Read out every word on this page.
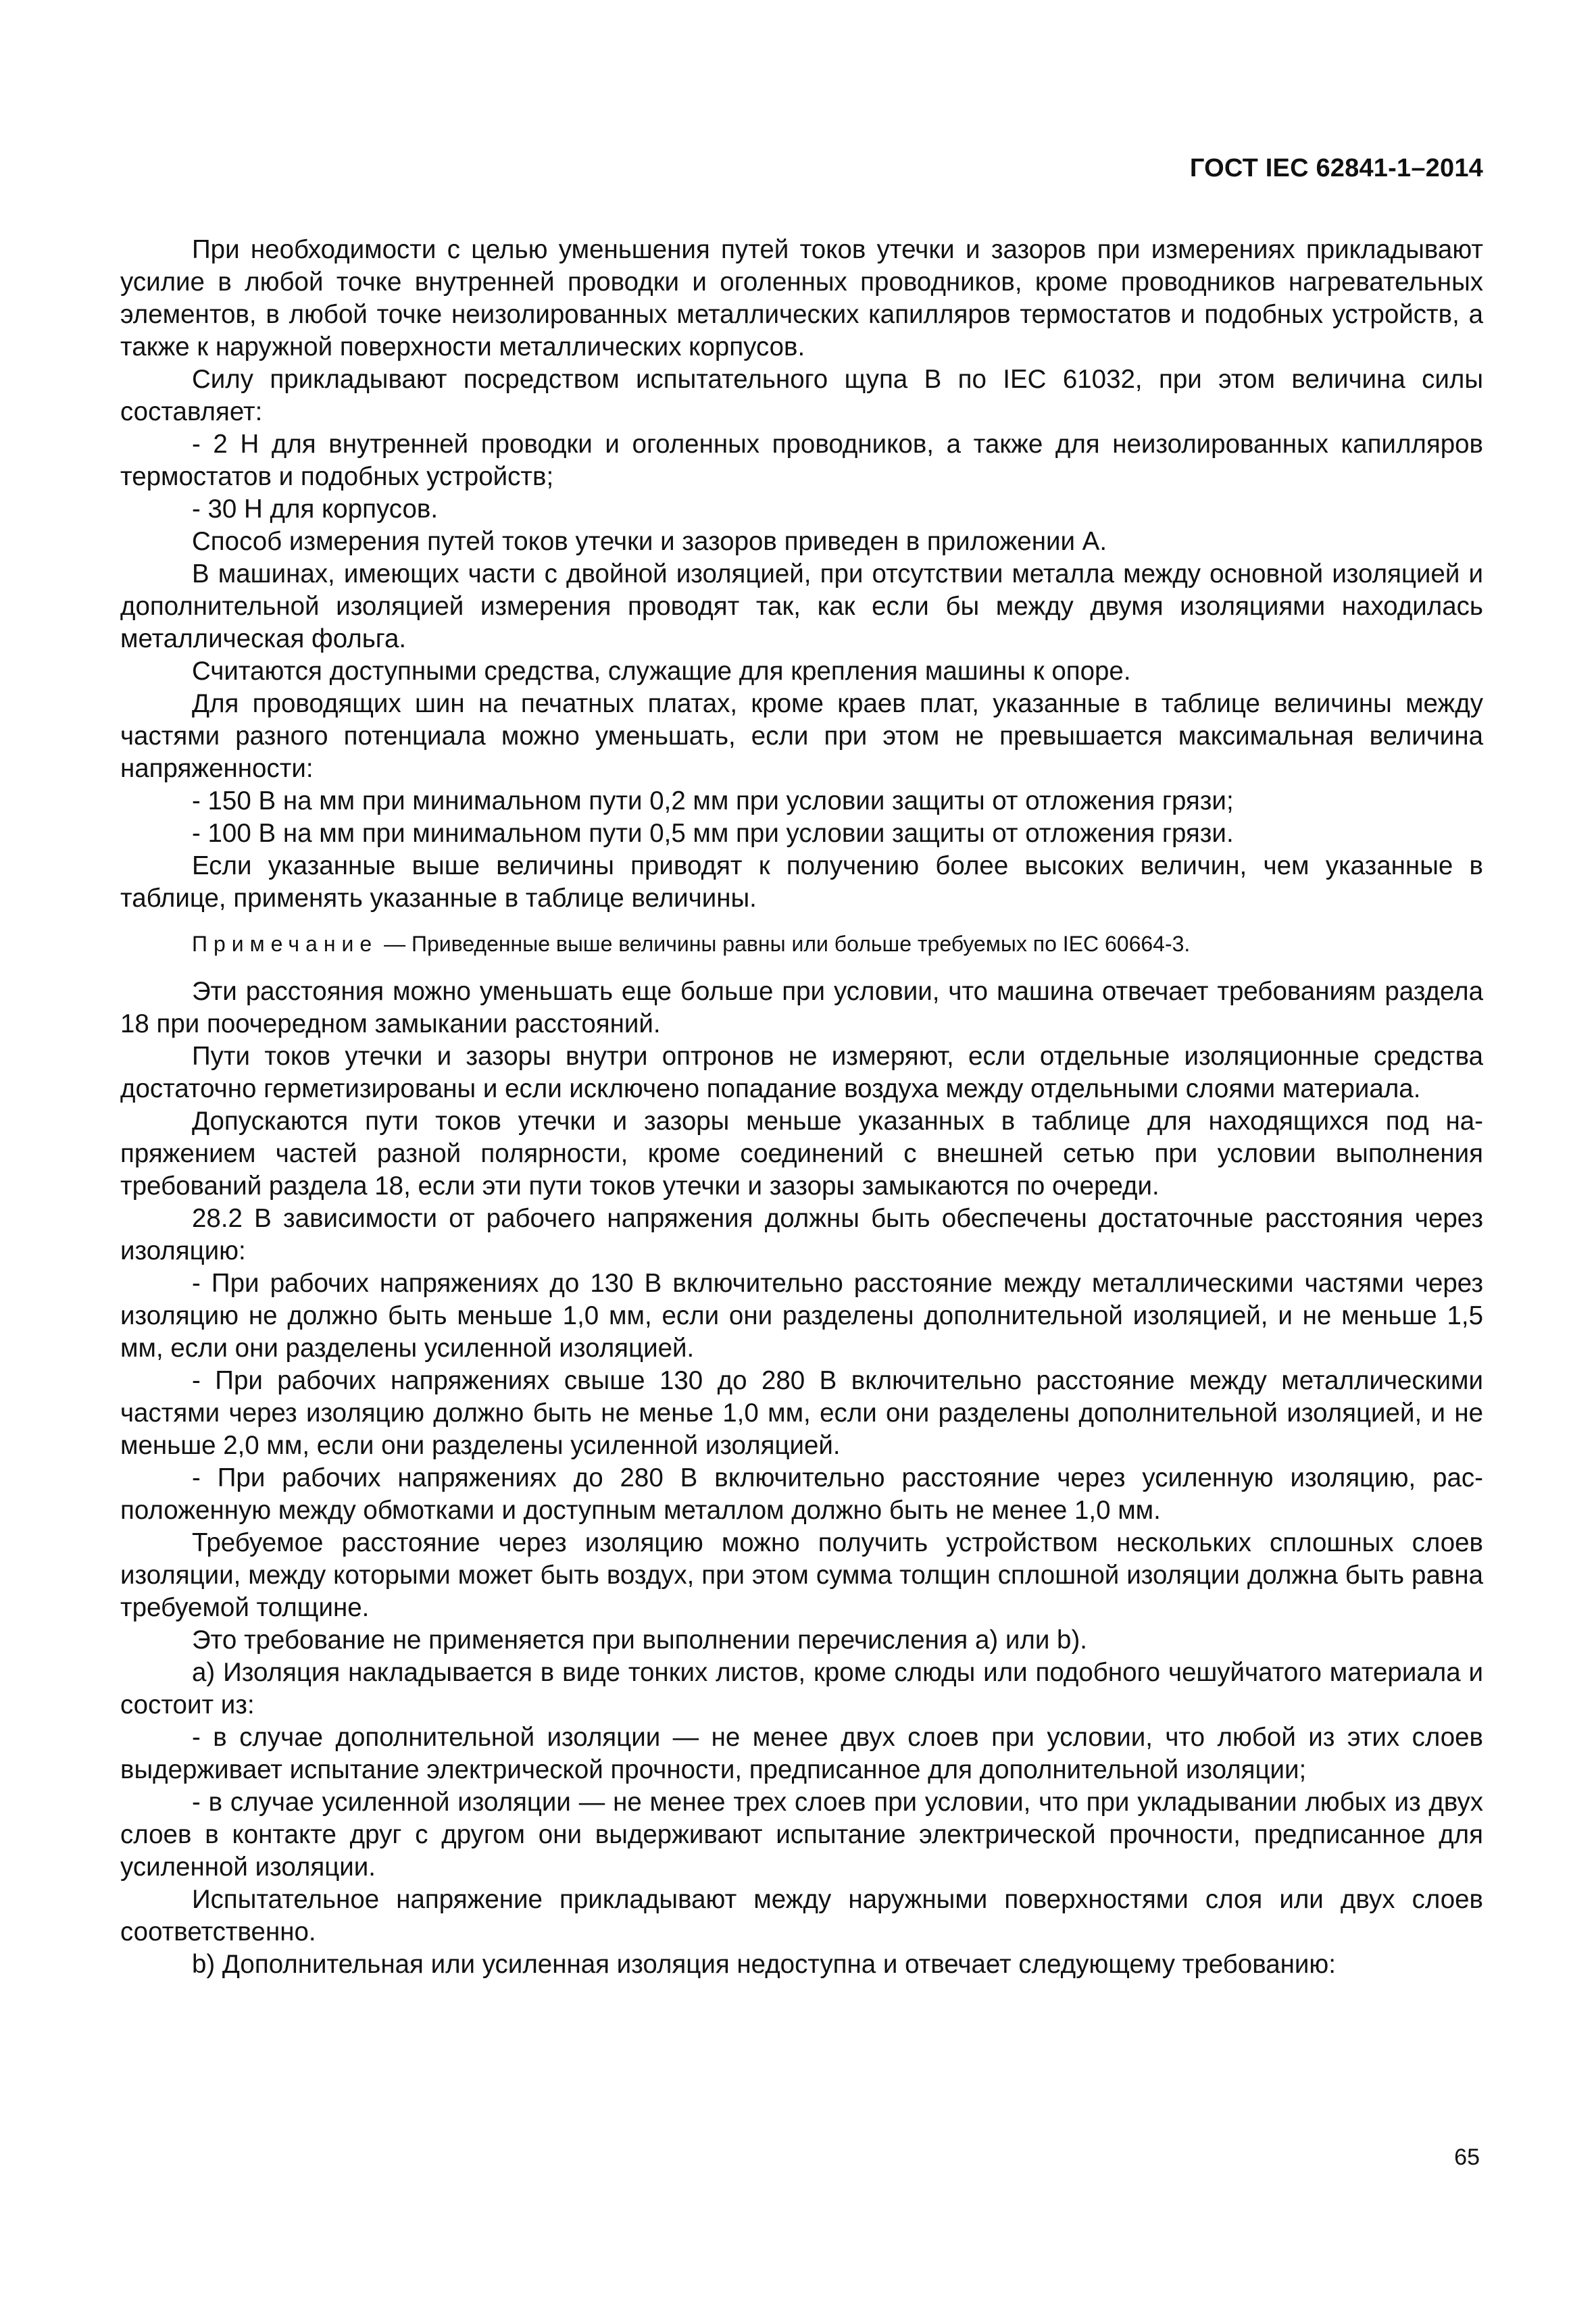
ГОСТ IEC 62841-1–2014

При необходимости с целью уменьшения путей токов утечки и зазоров при измерениях прикладывают усилие в любой точке внутренней проводки и оголенных проводников, кроме проводников нагревательных элементов, в любой точке неизолированных металлических капилляров термостатов и подобных устройств, а также к наружной поверхности металлических корпусов.

Силу прикладывают посредством испытательного щупа В по IEC 61032, при этом величина силы составляет:

- 2 Н для внутренней проводки и оголенных проводников, а также для неизолированных капилляров термостатов и подобных устройств;

- 30 Н для корпусов.

Способ измерения путей токов утечки и зазоров приведен в приложении А.

В машинах, имеющих части с двойной изоляцией, при отсутствии металла между основной изоляцией и дополнительной изоляцией измерения проводят так, как если бы между двумя изоляциями находилась металлическая фольга.

Считаются доступными средства, служащие для крепления машины к опоре.

Для проводящих шин на печатных платах, кроме краев плат, указанные в таблице величины между частями разного потенциала можно уменьшать, если при этом не превышается максимальная величина напряженности:

- 150 В на мм при минимальном пути 0,2 мм при условии защиты от отложения грязи;

- 100 В на мм при минимальном пути 0,5 мм при условии защиты от отложения грязи.

Если указанные выше величины приводят к получению более высоких величин, чем указанные в таблице, применять указанные в таблице величины.

Примечание — Приведенные выше величины равны или больше требуемых по IEC 60664-3.

Эти расстояния можно уменьшать еще больше при условии, что машина отвечает требованиям раздела 18 при поочередном замыкании расстояний.

Пути токов утечки и зазоры внутри оптронов не измеряют, если отдельные изоляционные средства достаточно герметизированы и если исключено попадание воздуха между отдельными слоями материала.

Допускаются пути токов утечки и зазоры меньше указанных в таблице для находящихся под напряжением частей разной полярности, кроме соединений с внешней сетью при условии выполнения требований раздела 18, если эти пути токов утечки и зазоры замыкаются по очереди.

28.2 В зависимости от рабочего напряжения должны быть обеспечены достаточные расстояния через изоляцию:

- При рабочих напряжениях до 130 В включительно расстояние между металлическими частями через изоляцию не должно быть меньше 1,0 мм, если они разделены дополнительной изоляцией, и не меньше 1,5 мм, если они разделены усиленной изоляцией.

- При рабочих напряжениях свыше 130 до 280 В включительно расстояние между металлическими частями через изоляцию должно быть не менье 1,0 мм, если они разделены дополнительной изоляцией, и не меньше 2,0 мм, если они разделены усиленной изоляцией.

- При рабочих напряжениях до 280 В включительно расстояние через усиленную изоляцию, расположенную между обмотками и доступным металлом должно быть не менее 1,0 мм.

Требуемое расстояние через изоляцию можно получить устройством нескольких сплошных слоев изоляции, между которыми может быть воздух, при этом сумма толщин сплошной изоляции должна быть равна требуемой толщине.

Это требование не применяется при выполнении перечисления а) или b).

а) Изоляция накладывается в виде тонких листов, кроме слюды или подобного чешуйчатого материала и состоит из:

- в случае дополнительной изоляции — не менее двух слоев при условии, что любой из этих слоев выдерживает испытание электрической прочности, предписанное для дополнительной изоляции;

- в случае усиленной изоляции — не менее трех слоев при условии, что при укладывании любых из двух слоев в контакте друг с другом они выдерживают испытание электрической прочности, предписанное для усиленной изоляции.

Испытательное напряжение прикладывают между наружными поверхностями слоя или двух слоев соответственно.

b) Дополнительная или усиленная изоляция недоступна и отвечает следующему требованию:

65
